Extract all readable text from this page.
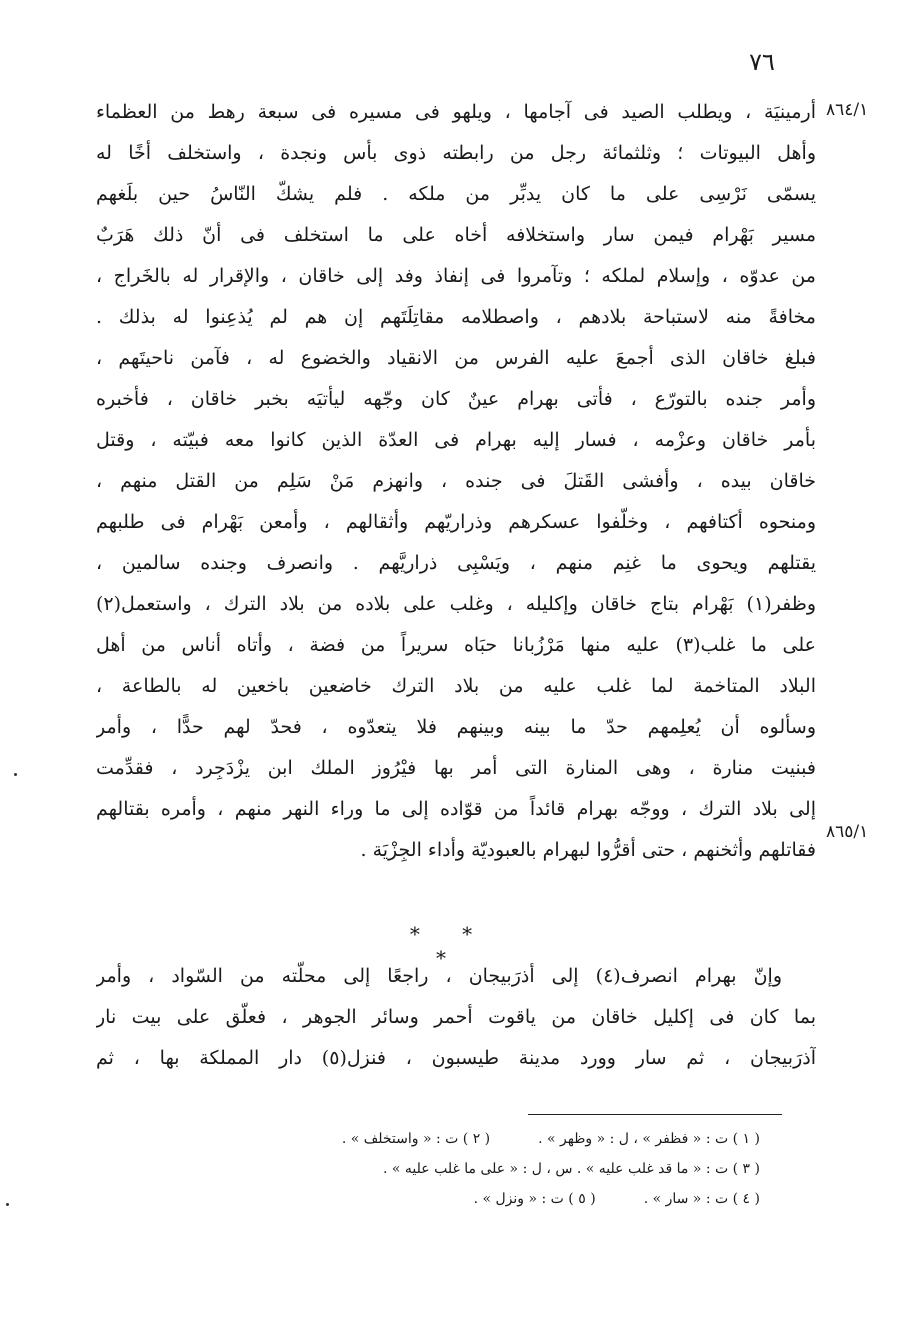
٧٦
٨٦٤/١
٨٦٥/١
أرمينيَة ، ويطلب الصيد فى آجامها ، ويلهو فى مسيره فى سبعة رهط من العظماء
وأهل البيوتات ؛ وثلثمائة رجل من رابطته ذوى بأس ونجدة ، واستخلف أخًا له
يسمّى نَرْسِى على ما كان يدبِّر من ملكه . فلم يشكّ النّاسُ حين بلَغهم
مسير بَهْرام فيمن سار واستخلافه أخاه على ما استخلف فى أنّ ذلك هَرَبٌ
من عدوّه ، وإسلام لملكه ؛ وتآمروا فى إنفاذ وفد إلى خاقان ، والإقرار له بالخَراج ،
مخافةً منه لاستباحة بلادهم ، واصطلامه مقاتِلَتَهم إن هم لم يُذعِنوا له بذلك .
فبلغ خاقان الذى أجمعَ عليه الفرس من الانقياد والخضوع له ، فآمن ناحيتَهم ،
وأمر جنده بالتورّع ، فأتى بهرام عينٌ كان وجّهه ليأتيَه بخبر خاقان ، فأخبره
بأمر خاقان وعزْمه ، فسار إليه بهرام فى العدّة الذين كانوا معه فبيّته ، وقتل
خاقان بيده ، وأفشى القَتلَ فى جنده ، وانهزم مَنْ سَلِم من القتل منهم ،
ومنحوه أكتافهم ، وخلّفوا عسكرهم وذراريّهم وأثقالهم ، وأمعن بَهْرام فى طلبهم
يقتلهم ويحوى ما غنِم منهم ، ويَسْبِى ذراريَّهم . وانصرف وجنده سالمين ،
وظفر(١) بَهْرام بتاج خاقان وإكليله ، وغلب على بلاده من بلاد الترك ، واستعمل(٢)
على ما غلب(٣) عليه منها مَرْزُبانا حبَاه سريراً من فضة ، وأتاه أناس من أهل
البلاد المتاخمة لما غلب عليه من بلاد الترك خاضعين باخعين له بالطاعة ،
وسألوه أن يُعلِمهم حدّ ما بينه وبينهم فلا يتعدّوه ، فحدّ لهم حدًّا ، وأمر
فبنيت منارة ، وهى المنارة التى أمر بها فيْرُوز الملك ابن يزْدَجِرد ، فقدِّمت
إلى بلاد الترك ، ووجّه بهرام قائداً من قوّاده إلى ما وراء النهر منهم ، وأمره بقتالهم
فقاتلهم وأثخنهم ، حتى أقرُّوا لبهرام بالعبوديّة وأداء الجِزْيَة .
* * *
وإنّ بهرام انصرف(٤) إلى أذرَبيجان ، راجعًا إلى محلّته من السّواد ، وأمر
بما كان فى إكليل خاقان من ياقوت أحمر وسائر الجوهر ، فعلّق على بيت نار
آذرَبيجان ، ثم سار وورد مدينة طيسبون ، فنزل(٥) دار المملكة بها ، ثم
( ١ ) ت : « فظفر » ، ل : « وظهر » .
( ٢ ) ت : « واستخلف » .
( ٣ ) ت : « ما قد غلب عليه » . س ، ل : « على ما غلب عليه » .
( ٤ ) ت : « سار » .
( ٥ ) ت : « ونزل » .
